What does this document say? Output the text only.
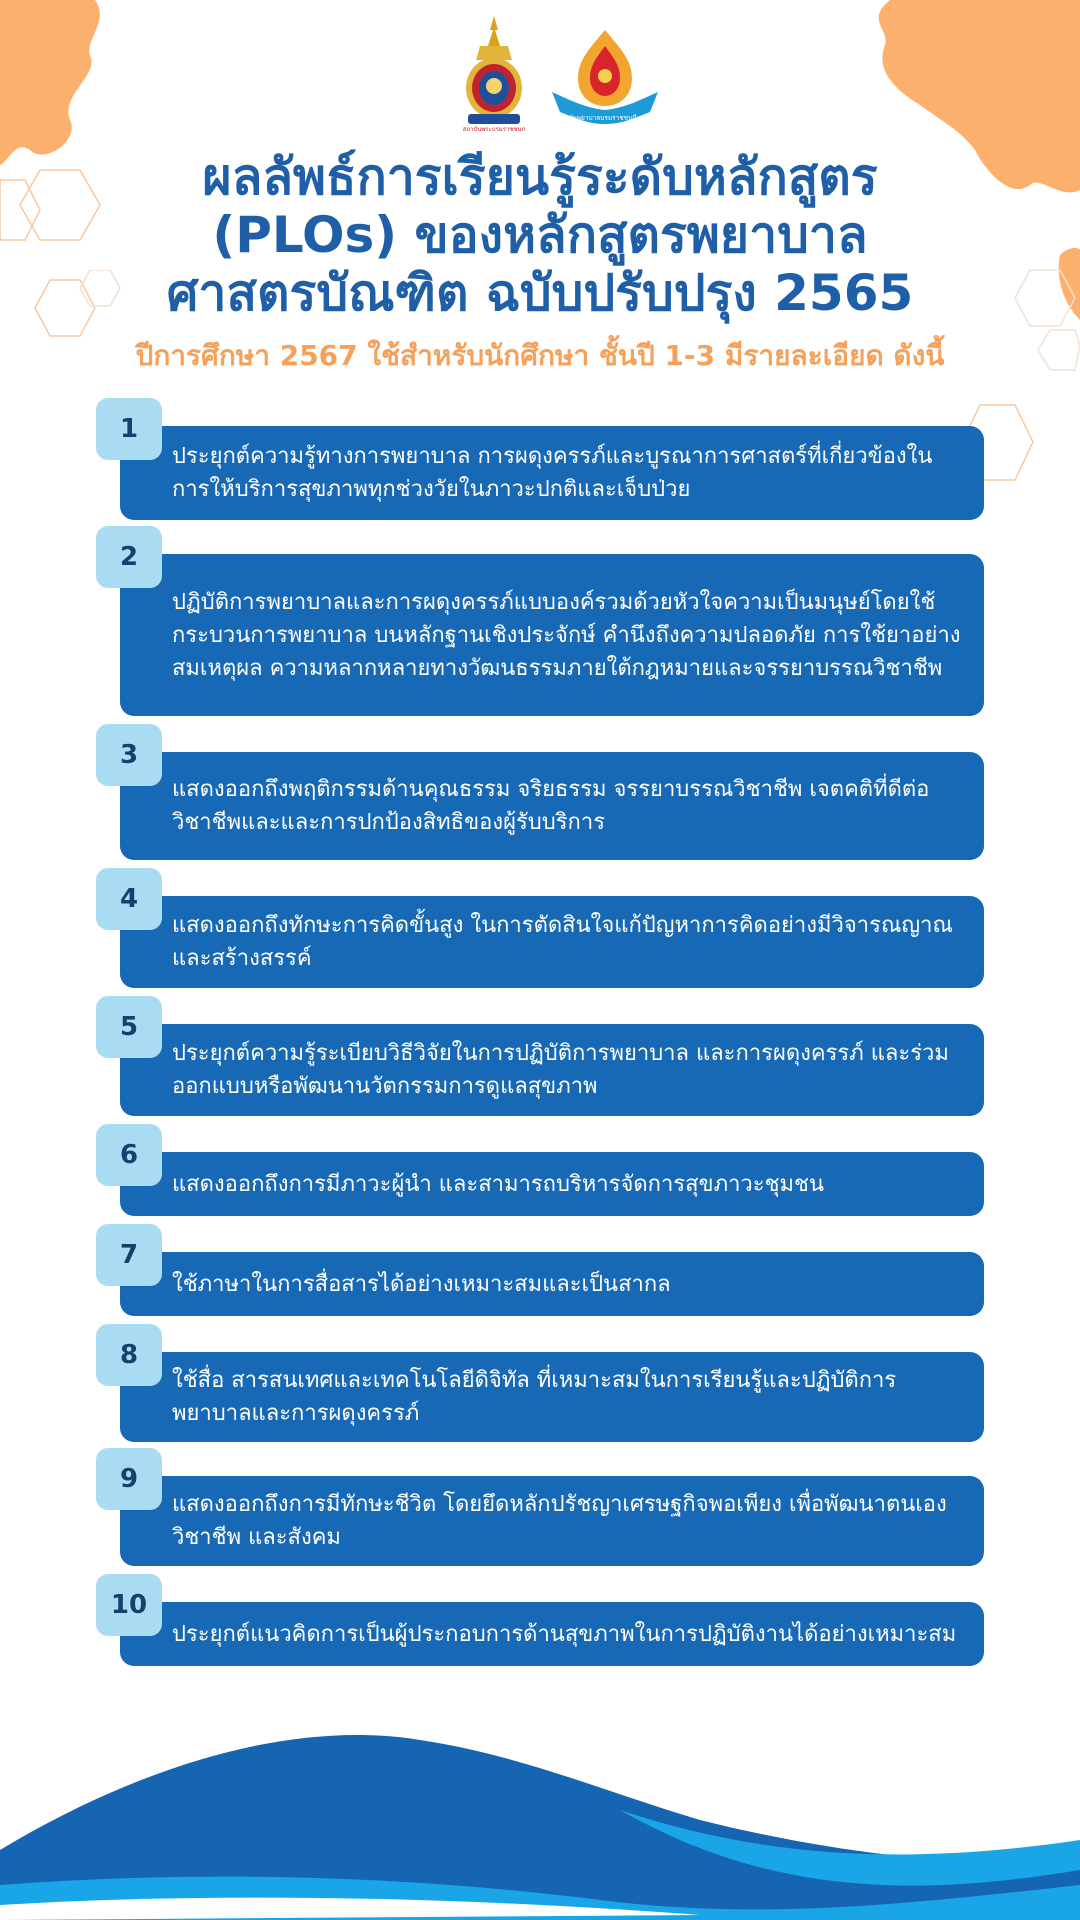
สถาบันพระบรมราชชนก
วิทยาลัยพยาบาลบรมราชชนนี พะเยา
ผลลัพธ์การเรียนรู้ระดับหลักสูตร
(PLOs) ของหลักสูตรพยาบาล
ศาสตรบัณฑิต ฉบับปรับปรุง 2565
ปีการศึกษา 2567 ใช้สำหรับนักศึกษา ชั้นปี 1-3 มีรายละเอียด ดังนี้
ประยุกต์ความรู้ทางการพยาบาล การผดุงครรภ์และบูรณาการศาสตร์ที่เกี่ยวข้องในการให้บริการสุขภาพทุกช่วงวัยในภาวะปกติและเจ็บป่วย
1
ปฏิบัติการพยาบาลและการผดุงครรภ์แบบองค์รวมด้วยหัวใจความเป็นมนุษย์โดยใช้กระบวนการพยาบาล บนหลักฐานเชิงประจักษ์ คำนึงถึงความปลอดภัย การใช้ยาอย่างสมเหตุผล ความหลากหลายทางวัฒนธรรมภายใต้กฎหมายและจรรยาบรรณวิชาชีพ
2
แสดงออกถึงพฤติกรรมด้านคุณธรรม จริยธรรม จรรยาบรรณวิชาชีพ เจตคติที่ดีต่อวิชาชีพและและการปกป้องสิทธิของผู้รับบริการ
3
แสดงออกถึงทักษะการคิดขั้นสูง ในการตัดสินใจแก้ปัญหาการคิดอย่างมีวิจารณญาณและสร้างสรรค์
4
ประยุกต์ความรู้ระเบียบวิธีวิจัยในการปฏิบัติการพยาบาล และการผดุงครรภ์ และร่วมออกแบบหรือพัฒนานวัตกรรมการดูแลสุขภาพ
5
แสดงออกถึงการมีภาวะผู้นำ และสามารถบริหารจัดการสุขภาวะชุมชน
6
ใช้ภาษาในการสื่อสารได้อย่างเหมาะสมและเป็นสากล
7
ใช้สื่อ สารสนเทศและเทคโนโลยีดิจิทัล ที่เหมาะสมในการเรียนรู้และปฏิบัติการพยาบาลและการผดุงครรภ์
8
แสดงออกถึงการมีทักษะชีวิต โดยยึดหลักปรัชญาเศรษฐกิจพอเพียง เพื่อพัฒนาตนเอง วิชาชีพ และสังคม
9
ประยุกต์แนวคิดการเป็นผู้ประกอบการด้านสุขภาพในการปฏิบัติงานได้อย่างเหมาะสม
10
